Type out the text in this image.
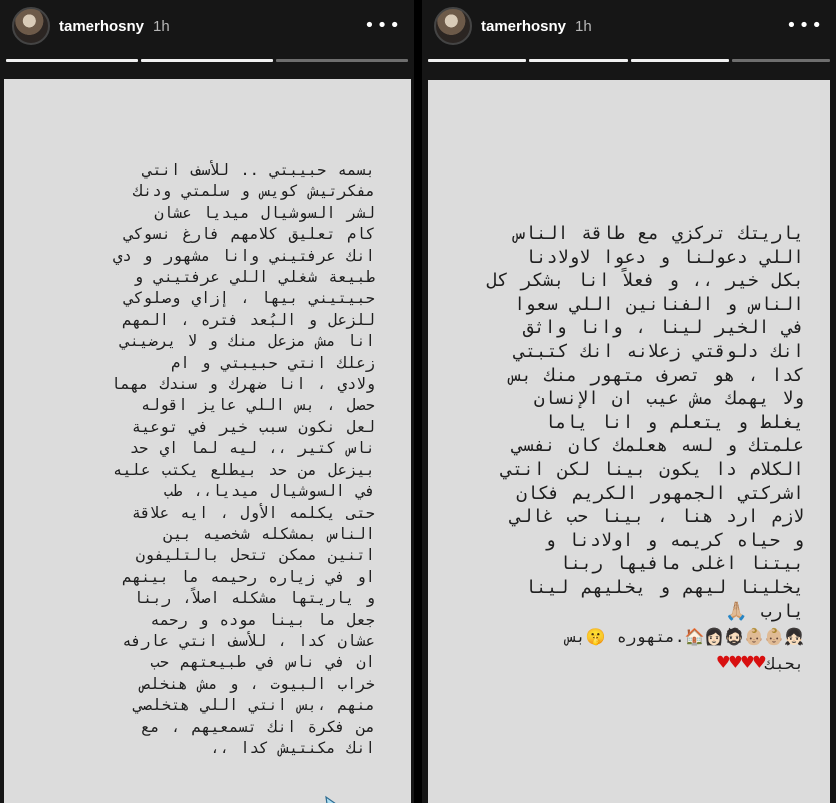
tamerhosny 1h	•••
بسمه حبيبتي .. للأسف انتي
مفكرتيش كويس و سلمتي ودنك
لشر السوشيال ميديا عشان
كام تعليق كلامهم فارغ نسوكي
انك عرفتيني وانا مشهور و دي
طبيعة شغلي اللي عرفتيني و
حبيتيني بيها ، إزاي وصلوكي
للزعل و البُعد فتره ، المهم
انا مش مزعل منك و لا يرضيني
زعلك انتي حبيبتي و ام
ولادي ، انا ضهرك و سندك مهما
حصل ، بس اللي عايز اقوله
لعل نكون سبب خير في توعية
ناس كتير ،، ليه لما اي حد
بيزعل من حد بيطلع يكتب عليه
في السوشيال ميديا،، طب
حتى يكلمه الأول ، ايه علاقة
الناس بمشكله شخصيه بين
اتنين ممكن تتحل بالتليفون
او في زياره رحيمه ما بينهم
و ياريتها مشكله اصلاً، ربنا
جعل ما بينا موده و رحمه
عشان كدا ، للأسف انتي عارفه
ان في ناس في طبيعتهم حب
خراب البيوت ، و مش هنخلص
منهم ،بس انتي اللي هتخلصي
من فكرة انك تسمعيهم ، مع
انك مكنتيش كدا ،،
tamerhosny 1h	•••
ياريتك تركزي مع طاقة الناس
اللي دعولنا و دعوا لاولادنا
بكل خير ،، و فعلاً انا بشكر كل
الناس و الفنانين اللي سعوا
في الخير لينا ، وانا واثق
انك دلوقتي زعلانه انك كتبتي
كدا ، هو تصرف متهور منك بس
ولا يهمك مش عيب ان الإنسان
يغلط و يتعلم و انا ياما
علمتك و لسه هعلمك كان نفسي
الكلام دا يكون بينا لكن انتي
اشركتي الجمهور الكريم فكان
لازم ارد هنا ، بينا حب غالي
و حياه كريمه و اولادنا و
بيتنا اغلى مافيها ربنا
يخلينا ليهم و يخليهم لينا
يارب 🙏🏼
👧🏻👶🏼👶🏼🧔🏻👩🏻🏠.متهوره 🤫بس
بحبك♥♥♥♥
